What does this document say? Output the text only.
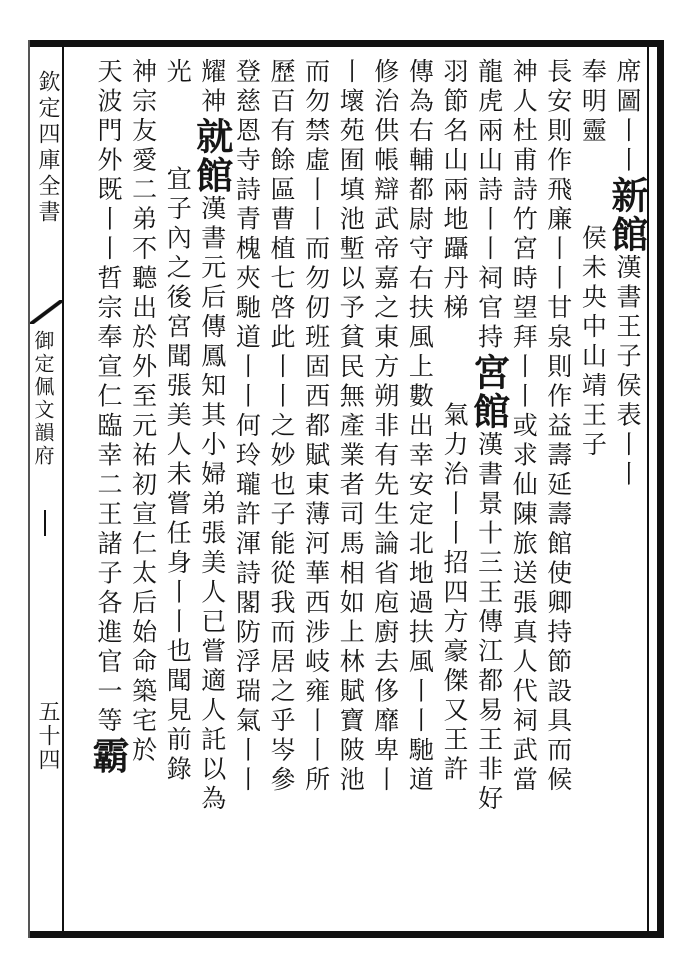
欽定四庫全書
御定佩文韻府
五十四
席圖丨丨新館漢書王子侯表丨丨
奉明靈侯未央中山靖王子
長安則作飛廉丨丨甘泉則作益壽延壽館使卿持節設具而候
神人杜甫詩竹宮時望拜丨丨或求仙陳旅送張真人代祠武當
龍虎兩山詩丨丨祠官持宮館漢書景十三王傳江都易王非好
羽節名山兩地躡丹梯氣力治丨丨招四方豪傑又王許
傳為右輔都尉守右扶風上數出幸安定北地過扶風丨丨馳道
修治供帳辯武帝嘉之東方朔非有先生論省庖廚去侈靡卑丨
丨壞苑囿填池塹以予貧民無產業者司馬相如上林賦寶陂池
而勿禁虛丨丨而勿仞班固西都賦東薄河華西涉岐雍丨丨所
歷百有餘區曹植七啓此丨丨之妙也子能從我而居之乎岑參
登慈恩寺詩青槐夾馳道丨丨何玲瓏許渾詩閣防浮瑞氣丨丨
耀神就館漢書元后傳鳳知其小婦弟張美人已嘗適人託以為
光宜子內之後宮聞張美人未嘗任身丨丨也聞見前錄
神宗友愛二弟不聽出於外至元祐初宣仁太后始命築宅於
天波門外既丨丨哲宗奉宣仁臨幸二王諸子各進官一等霸
